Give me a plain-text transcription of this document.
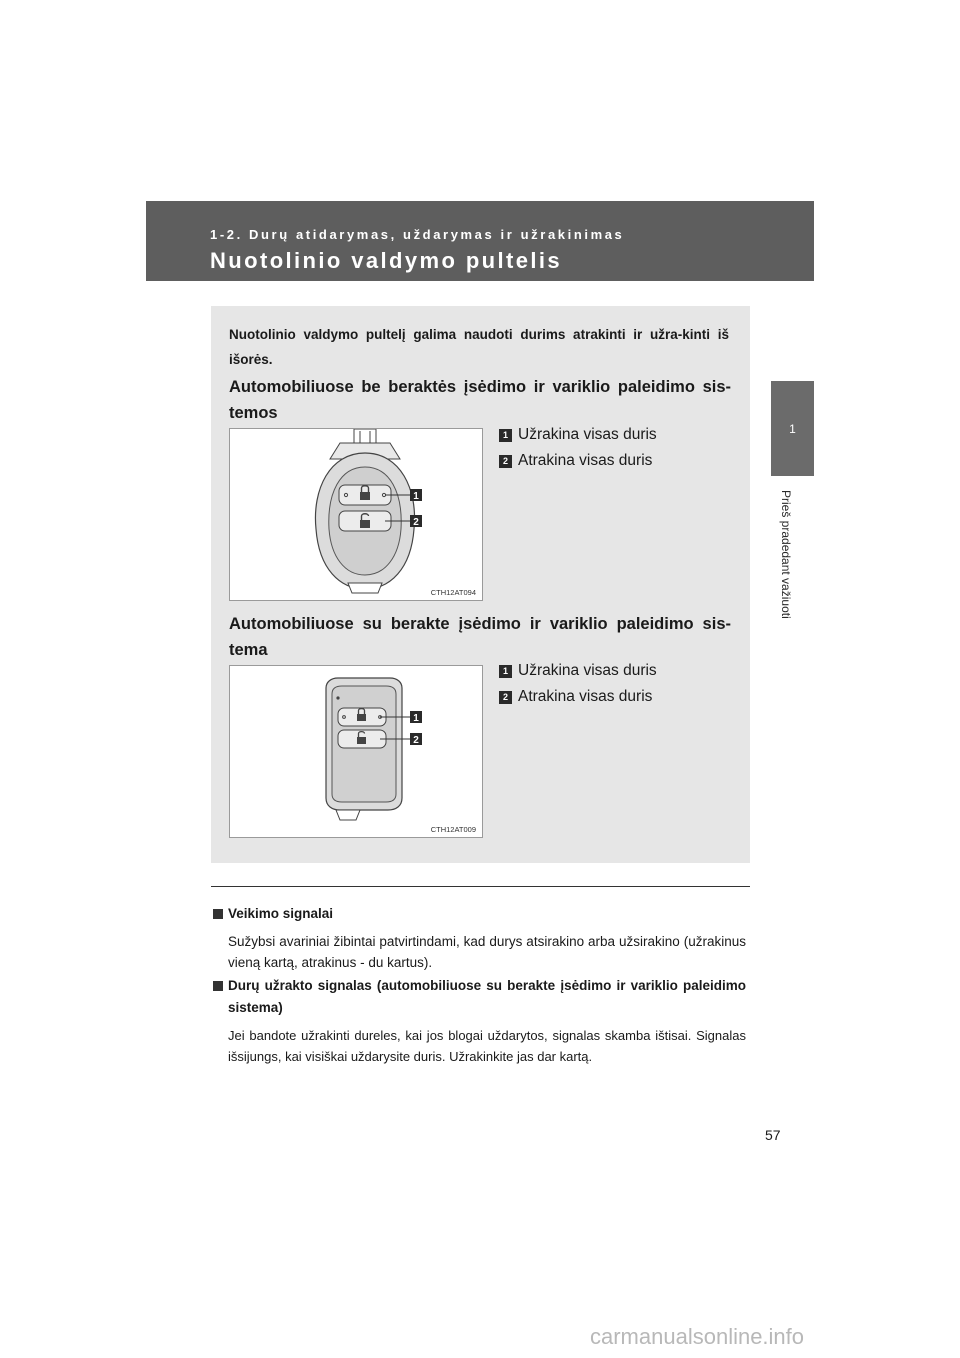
1-2. Durų atidarymas, uždarymas ir užrakinimas
Nuotolinio valdymo pultelis
1
Prieš pradedant važiuoti
Nuotolinio valdymo pultelį galima naudoti durims atrakinti ir užra-kinti iš išorės.
Automobiliuose be beraktės įsėdimo ir variklio paleidimo sis-temos
1
2
CTH12AT094
1 Užrakina visas duris
2 Atrakina visas duris
Automobiliuose su berakte įsėdimo ir variklio paleidimo sis-tema
1
2
CTH12AT009
1 Užrakina visas duris
2 Atrakina visas duris
Veikimo signalai
Sužybsi avariniai žibintai patvirtindami, kad durys atsirakino arba užsirakino (užrakinus vieną kartą, atrakinus - du kartus).
Durų užrakto signalas (automobiliuose su berakte įsėdimo ir variklio paleidimo sistema)
Jei bandote užrakinti dureles, kai jos blogai uždarytos, signalas skamba ištisai. Signalas išsijungs, kai visiškai uždarysite duris. Užrakinkite jas dar kartą.
57
carmanualsonline.info
